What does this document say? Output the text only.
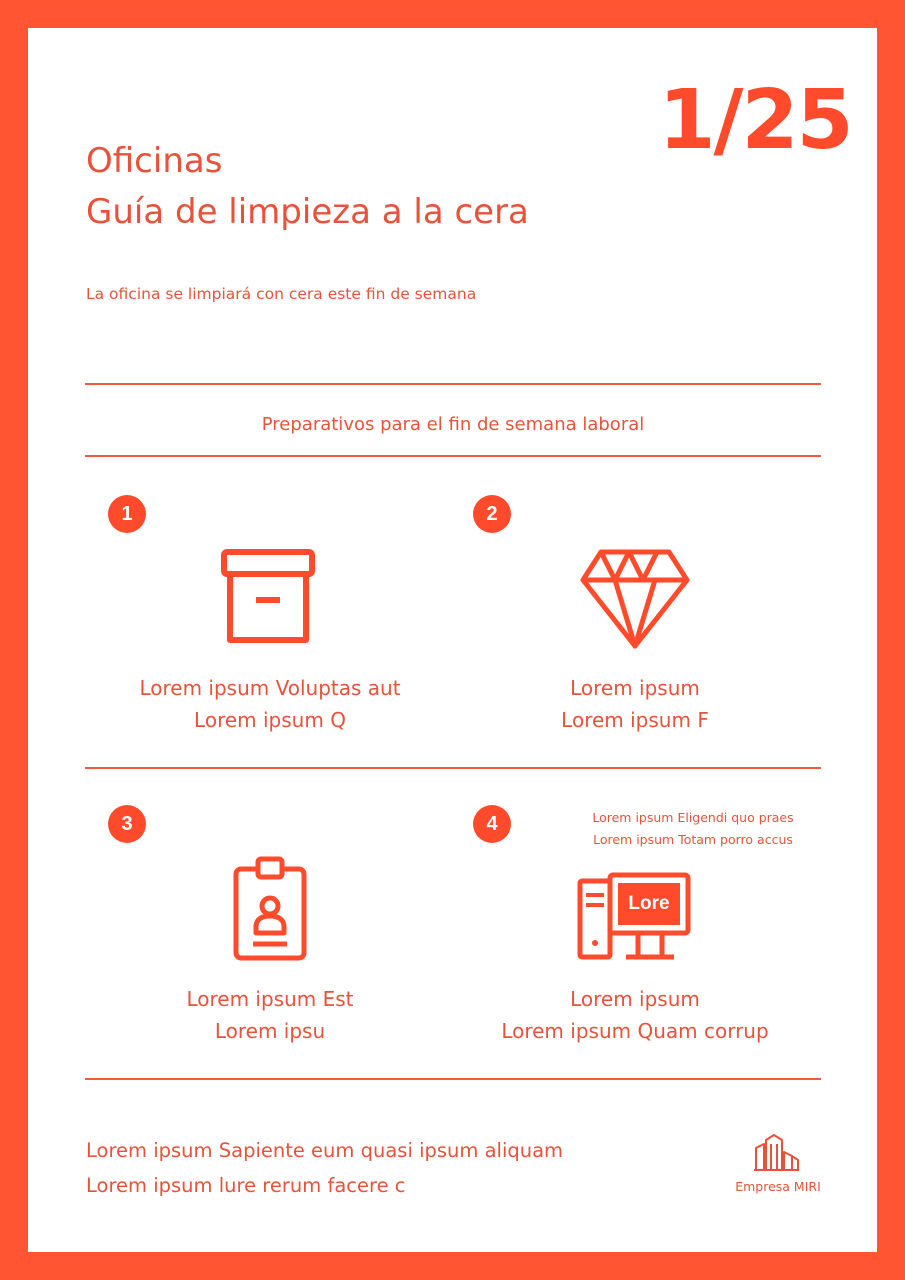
1/25
Oficinas
Guía de limpieza a la cera
La oficina se limpiará con cera este fin de semana
Preparativos para el fin de semana laboral
1
Lorem ipsum Voluptas aut
Lorem ipsum Q
2
Lorem ipsum
Lorem ipsum F
3
Lorem ipsum Est
Lorem ipsu
4	Lorem ipsum Eligendi quo praes
Lorem ipsum Totam porro accus
Lore
Lorem ipsum
Lorem ipsum Quam corrup
Lorem ipsum Sapiente eum quasi ipsum aliquam
Lorem ipsum lure rerum facere c	Empresa MIRI
